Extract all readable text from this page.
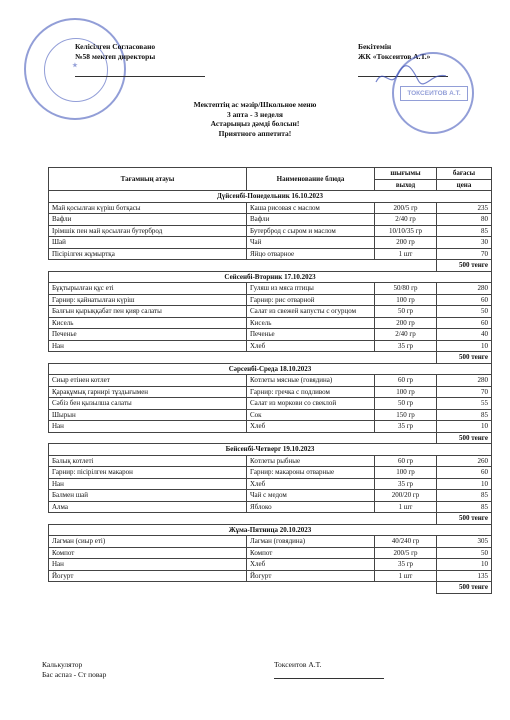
★
Келісілген Согласовано
№58 мектеп директоры
Бекітемін
ЖК «Токсеитов А.Т.»
ТОКСЕИТОВ А.Т.
Мектептің ас мәзір/Школьное меню
3 апта - 3 неделя
Астарыңыз дәмді болсын!
Приятного аппетита!
Тағамның атауы	Наименование блюда	шығымы	бағасы
		выход	цена
Дүйсенбі-Понедельник 16.10.2023			
Май қосылған күріш ботқасы	Каша рисовая с маслом	200/5 гр	235
Вафли	Вафли	2/40 гр	80
Ірімшік пен май қосылған бутерброд	Бутерброд с сыром и маслом	10/10/35 гр	85
Шай	Чай	200 гр	30
Пісірілген жұмыртқа	Яйцо отварное	1 шт	70
			500 тенге
Сейсенбі-Вторник 17.10.2023			
Бұқтырылған құс еті	Гуляш из мяса птицы	50/80 гр	280
Гарнир: қайнатылған күріш	Гарнир: рис отварной	100 гр	60
Балғын қырыққабат пен қияр салаты	Салат из свежей капусты с огурцом	50 гр	50
Кисель	Кисель	200 гр	60
Печенье	Печенье	2/40 гр	40
Нан	Хлеб	35 гр	10
			500 тенге
Сәрсенбі-Среда 18.10.2023			
Сиыр етінен котлет	Котлеты мясные (говядина)	60 гр	280
Қарақұмық гарнирі тұздығымен	Гарнир: гречка с подливом	100 гр	70
Сәбіз бен қызылша салаты	Салат из моркови со свеклой	50 гр	55
Шырын	Сок	150 гр	85
Нан	Хлеб	35 гр	10
			500 тенге
Бейсенбі-Четверг 19.10.2023			
Балық котлеті	Котлеты рыбные	60 гр	260
Гарнир: пісірілген макарон	Гарнир: макароны отварные	100 гр	60
Нан	Хлеб	35 гр	10
Балмен шай	Чай с медом	200/20 гр	85
Алма	Яблоко	1 шт	85
			500 тенге
Жұма-Пятница 20.10.2023			
Лагман (сиыр еті)	Лагман (говядина)	40/240 гр	305
Компот	Компот	200/5 гр	50
Нан	Хлеб	35 гр	10
Йогурт	Йогурт	1 шт	135
			500 тенге
Калькулятор
Бас аспаз - Ст повар
Токсеитов А.Т.
